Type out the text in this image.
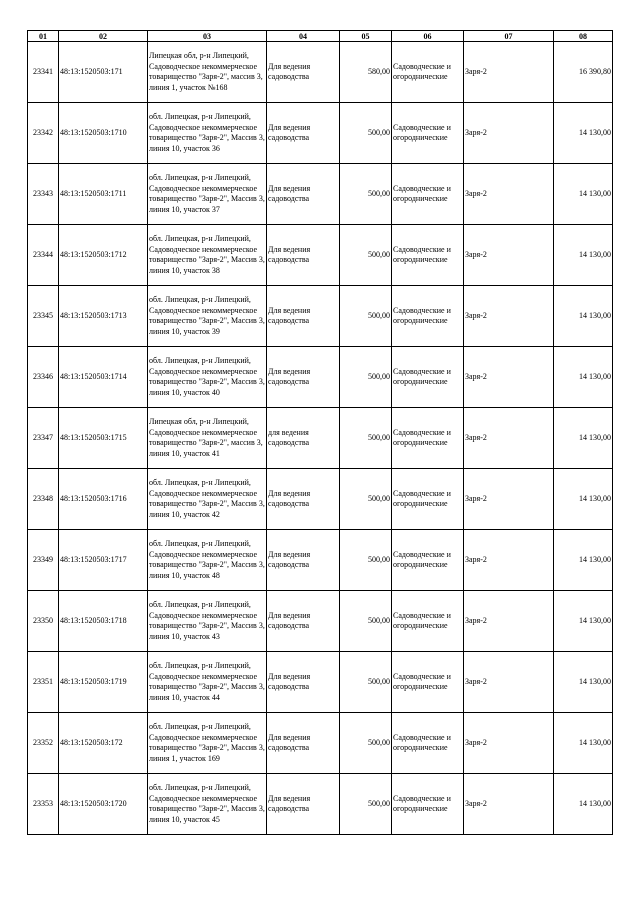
01	02	03	04	05	06	07	08
23341	48:13:1520503:171	Липецкая обл, р-н Липецкий, Садоводческое некоммерческое товарищество "Заря-2", массив 3, линия 1, участок №168	Для ведения садоводства	580,00	Садоводческие и огороднические	Заря-2	16 390,80
23342	48:13:1520503:1710	обл. Липецкая, р-н Липецкий, Садоводческое некоммерческое товарищество "Заря-2", Массив 3, линия 10, участок 36	Для ведения садоводства	500,00	Садоводческие и огороднические	Заря-2	14 130,00
23343	48:13:1520503:1711	обл. Липецкая, р-н Липецкий, Садоводческое некоммерческое товарищество "Заря-2", Массив 3, линия 10, участок 37	Для ведения садоводства	500,00	Садоводческие и огороднические	Заря-2	14 130,00
23344	48:13:1520503:1712	обл. Липецкая, р-н Липецкий, Садоводческое некоммерческое товарищество "Заря-2", Массив 3, линия 10, участок 38	Для ведения садоводства	500,00	Садоводческие и огороднические	Заря-2	14 130,00
23345	48:13:1520503:1713	обл. Липецкая, р-н Липецкий, Садоводческое некоммерческое товарищество "Заря-2", Массив 3, линия 10, участок 39	Для ведения садоводства	500,00	Садоводческие и огороднические	Заря-2	14 130,00
23346	48:13:1520503:1714	обл. Липецкая, р-н Липецкий, Садоводческое некоммерческое товарищество "Заря-2", Массив 3, линия 10, участок 40	Для ведения садоводства	500,00	Садоводческие и огороднические	Заря-2	14 130,00
23347	48:13:1520503:1715	Липецкая обл, р-н Липецкий, Садоводческое некоммерческое товарищество "Заря-2", массив 3, линия 10, участок 41	для ведения садоводства	500,00	Садоводческие и огороднические	Заря-2	14 130,00
23348	48:13:1520503:1716	обл. Липецкая, р-н Липецкий, Садоводческое некоммерческое товарищество "Заря-2", Массив 3, линия 10, участок 42	Для ведения садоводства	500,00	Садоводческие и огороднические	Заря-2	14 130,00
23349	48:13:1520503:1717	обл. Липецкая, р-н Липецкий, Садоводческое некоммерческое товарищество "Заря-2", Массив 3, линия 10, участок 48	Для ведения садоводства	500,00	Садоводческие и огороднические	Заря-2	14 130,00
23350	48:13:1520503:1718	обл. Липецкая, р-н Липецкий, Садоводческое некоммерческое товарищество "Заря-2", Массив 3, линия 10, участок 43	Для ведения садоводства	500,00	Садоводческие и огороднические	Заря-2	14 130,00
23351	48:13:1520503:1719	обл. Липецкая, р-н Липецкий, Садоводческое некоммерческое товарищество "Заря-2", Массив 3, линия 10, участок 44	Для ведения садоводства	500,00	Садоводческие и огороднические	Заря-2	14 130,00
23352	48:13:1520503:172	обл. Липецкая, р-н Липецкий, Садоводческое некоммерческое товарищество "Заря-2", Массив 3, линия 1, участок 169	Для ведения садоводства	500,00	Садоводческие и огороднические	Заря-2	14 130,00
23353	48:13:1520503:1720	обл. Липецкая, р-н Липецкий, Садоводческое некоммерческое товарищество "Заря-2", Массив 3, линия 10, участок 45	Для ведения садоводства	500,00	Садоводческие и огороднические	Заря-2	14 130,00
